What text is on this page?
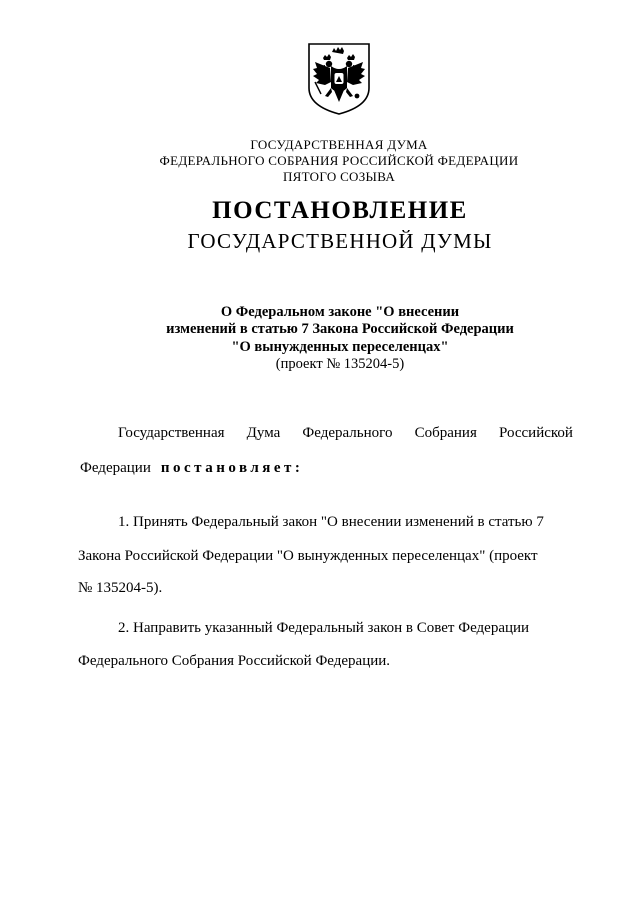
ГОСУДАРСТВЕННАЯ ДУМА
ФЕДЕРАЛЬНОГО СОБРАНИЯ РОССИЙСКОЙ ФЕДЕРАЦИИ
ПЯТОГО СОЗЫВА
ПОСТАНОВЛЕНИЕ
ГОСУДАРСТВЕННОЙ ДУМЫ
О Федеральном законе "О внесении
изменений в статью 7 Закона Российской Федерации
"О вынужденных переселенцах"
(проект № 135204-5)
Государственная Дума Федерального Собрания Российской
Федерации постановляет:
1. Принять Федеральный закон "О внесении изменений в статью 7
Закона Российской Федерации "О вынужденных переселенцах" (проект
№ 135204-5).
2. Направить указанный Федеральный закон в Совет Федерации
Федерального Собрания Российской Федерации.
